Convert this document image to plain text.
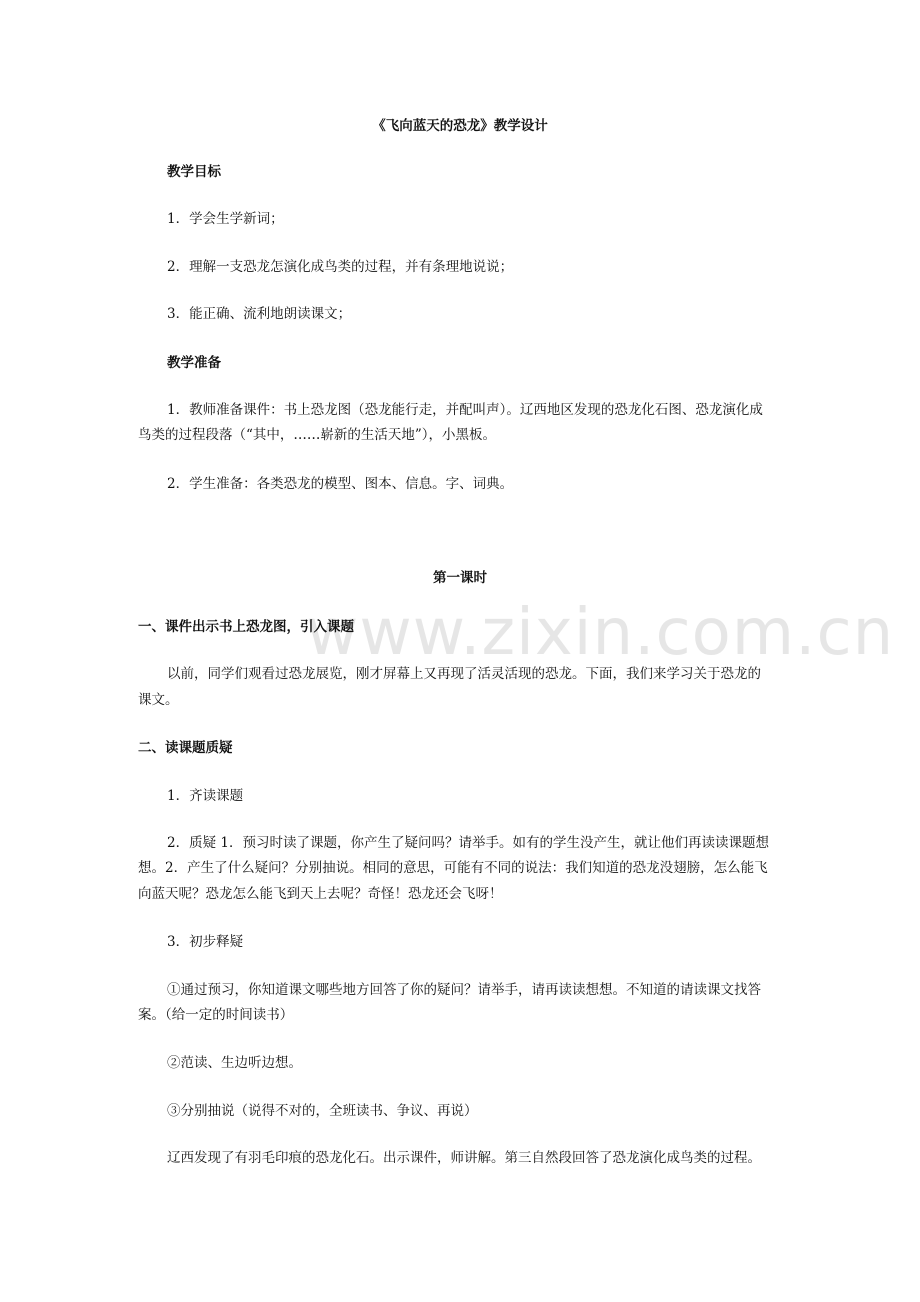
www.zixin.com.cn
《飞向蓝天的恐龙》教学设计
教学目标
1．学会生学新词；
2．理解一支恐龙怎演化成鸟类的过程，并有条理地说说；
3．能正确、流利地朗读课文；
教学准备
1．教师准备课件：书上恐龙图（恐龙能行走，并配叫声）。辽西地区发现的恐龙化石图、恐龙演化成
鸟类的过程段落（“其中，……崭新的生活天地”），小黑板。
2．学生准备：各类恐龙的模型、图本、信息。字、词典。
第一课时
一、课件出示书上恐龙图，引入课题
以前，同学们观看过恐龙展览，刚才屏幕上又再现了活灵活现的恐龙。下面，我们来学习关于恐龙的
课文。
二、读课题质疑
1．齐读课题
2．质疑 1．预习时读了课题，你产生了疑问吗？请举手。如有的学生没产生，就让他们再读读课题想
想。2．产生了什么疑问？分别抽说。相同的意思，可能有不同的说法：我们知道的恐龙没翅膀，怎么能飞
向蓝天呢？恐龙怎么能飞到天上去呢？奇怪！恐龙还会飞呀！
3．初步释疑
①通过预习，你知道课文哪些地方回答了你的疑问？请举手，请再读读想想。不知道的请读课文找答
案。（给一定的时间读书）
②范读、生边听边想。
③分别抽说（说得不对的，全班读书、争议、再说）
辽西发现了有羽毛印痕的恐龙化石。出示课件，师讲解。第三自然段回答了恐龙演化成鸟类的过程。
